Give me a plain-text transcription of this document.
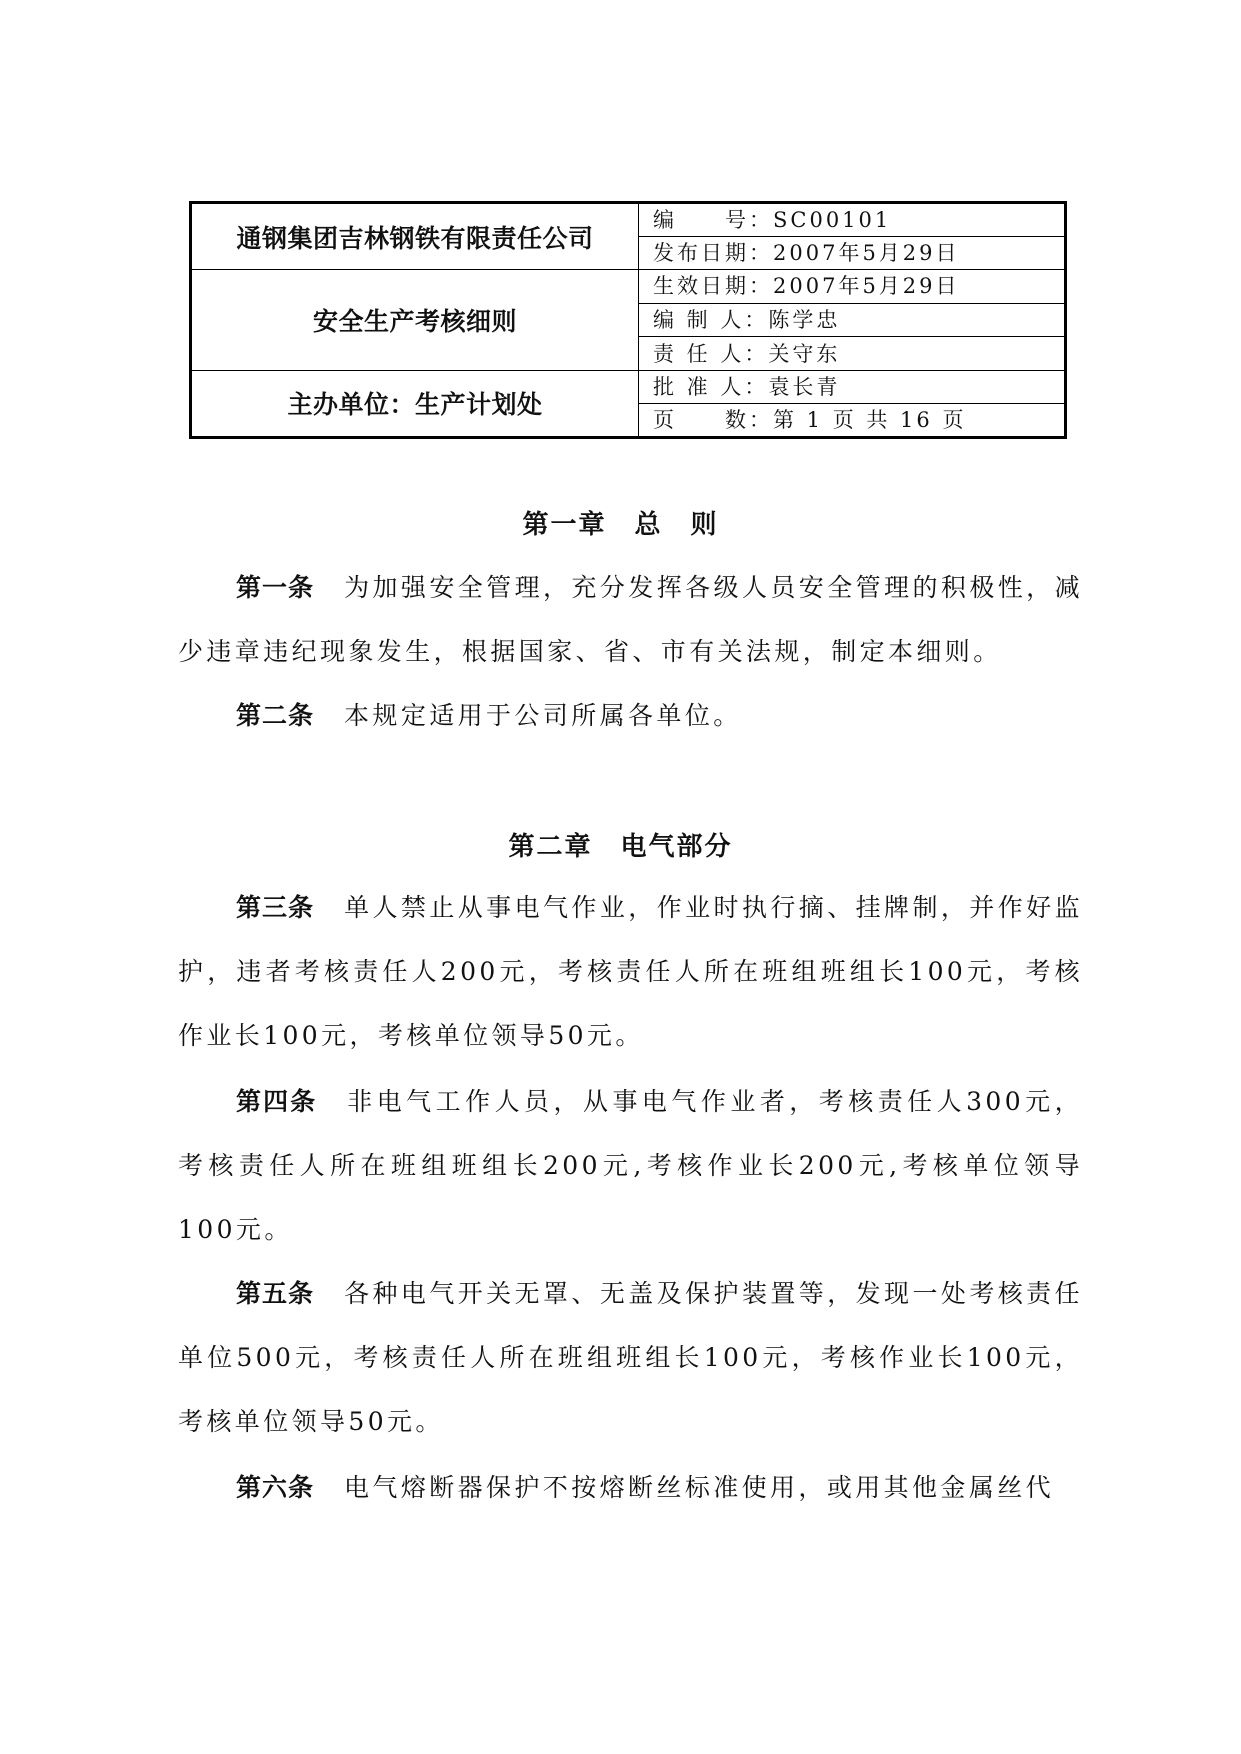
通钢集团吉林钢铁有限责任公司	编　　号：SC00101
	发布日期：2007年5月29日
安全生产考核细则	生效日期：2007年5月29日
	编 制 人：陈学忠
	责 任 人：关守东
主办单位：生产计划处	批 准 人：袁长青
	页　　数：第 1 页 共 16 页
第一章　总　则
第一条 为加强安全管理，充分发挥各级人员安全管理的积极性，减少违章违纪现象发生，根据国家、省、市有关法规，制定本细则。
第二条 本规定适用于公司所属各单位。
第二章　电气部分
第三条 单人禁止从事电气作业，作业时执行摘、挂牌制，并作好监护，违者考核责任人200元，考核责任人所在班组班组长100元，考核作业长100元，考核单位领导50元。
第四条 非电气工作人员，从事电气作业者，考核责任人300元，考核责任人所在班组班组长200元,考核作业长200元,考核单位领导100元。
第五条 各种电气开关无罩、无盖及保护装置等，发现一处考核责任单位500元，考核责任人所在班组班组长100元，考核作业长100元，考核单位领导50元。
第六条 电气熔断器保护不按熔断丝标准使用，或用其他金属丝代
